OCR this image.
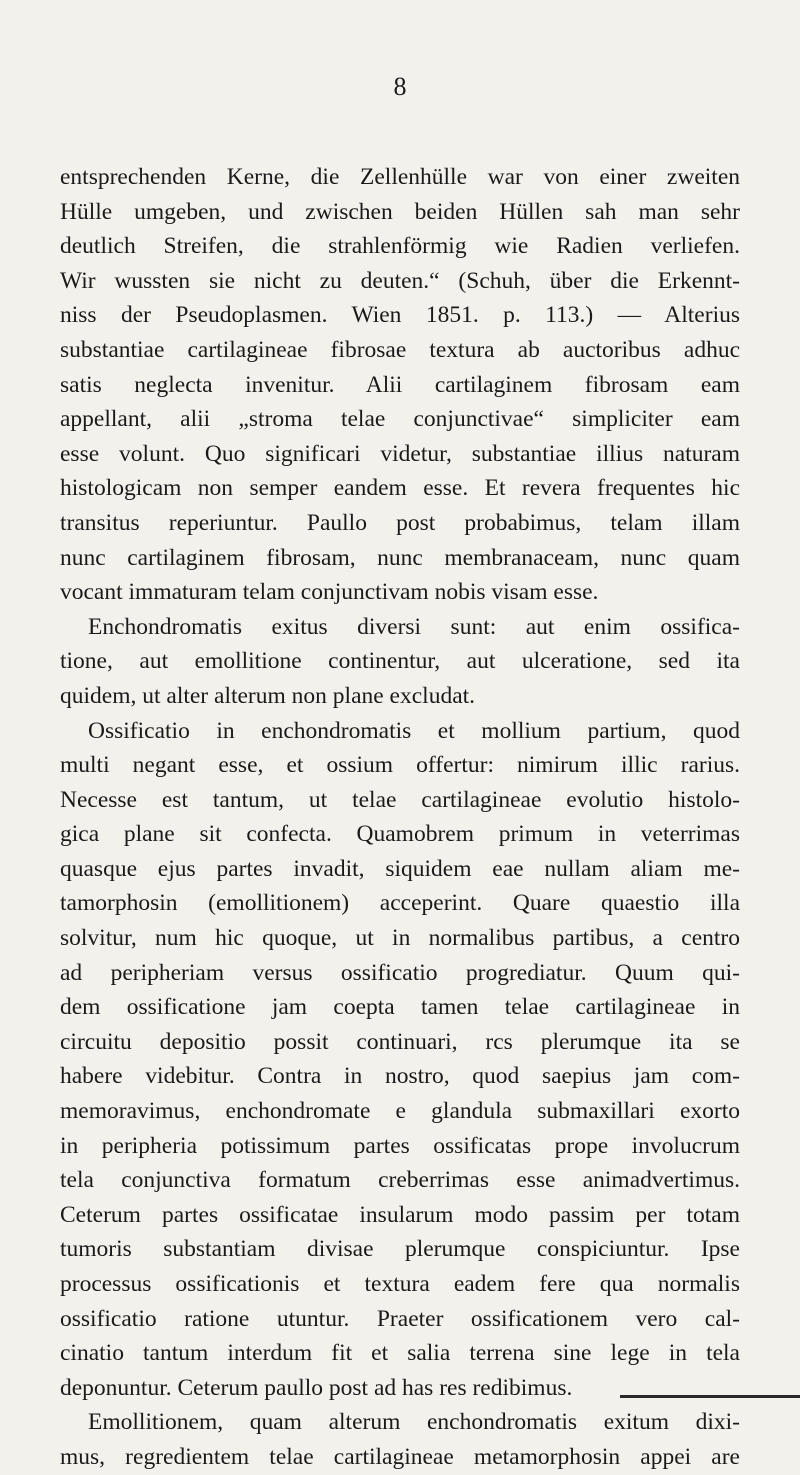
8
entsprechenden Kerne, die Zellenhülle war von einer zweiten
Hülle umgeben, und zwischen beiden Hüllen sah man sehr
deutlich Streifen, die strahlenförmig wie Radien verliefen.
Wir wussten sie nicht zu deuten.“ (Schuh, über die Erkennt-
niss der Pseudoplasmen. Wien 1851. p. 113.) — Alterius
substantiae cartilagineae fibrosae textura ab auctoribus adhuc
satis neglecta invenitur. Alii cartilaginem fibrosam eam
appellant, alii „stroma telae conjunctivae“ simpliciter eam
esse volunt. Quo significari videtur, substantiae illius naturam
histologicam non semper eandem esse. Et revera frequentes hic
transitus reperiuntur. Paullo post probabimus, telam illam
nunc cartilaginem fibrosam, nunc membranaceam, nunc quam
vocant immaturam telam conjunctivam nobis visam esse.
Enchondromatis exitus diversi sunt: aut enim ossifica-
tione, aut emollitione continentur, aut ulceratione, sed ita
quidem, ut alter alterum non plane excludat.
Ossificatio in enchondromatis et mollium partium, quod
multi negant esse, et ossium offertur: nimirum illic rarius.
Necesse est tantum, ut telae cartilagineae evolutio histolo-
gica plane sit confecta. Quamobrem primum in veterrimas
quasque ejus partes invadit, siquidem eae nullam aliam me-
tamorphosin (emollitionem) acceperint. Quare quaestio illa
solvitur, num hic quoque, ut in normalibus partibus, a centro
ad peripheriam versus ossificatio progrediatur. Quum qui-
dem ossificatione jam coepta tamen telae cartilagineae in
circuitu depositio possit continuari, rcs plerumque ita se
habere videbitur. Contra in nostro, quod saepius jam com-
memoravimus, enchondromate e glandula submaxillari exorto
in peripheria potissimum partes ossificatas prope involucrum
tela conjunctiva formatum creberrimas esse animadvertimus.
Ceterum partes ossificatae insularum modo passim per totam
tumoris substantiam divisae plerumque conspiciuntur. Ipse
processus ossificationis et textura eadem fere qua normalis
ossificatio ratione utuntur. Praeter ossificationem vero cal-
cinatio tantum interdum fit et salia terrena sine lege in tela
deponuntur. Ceterum paullo post ad has res redibimus.
Emollitionem, quam alterum enchondromatis exitum dixi-
mus, regredientem telae cartilagineae metamorphosin appei are
